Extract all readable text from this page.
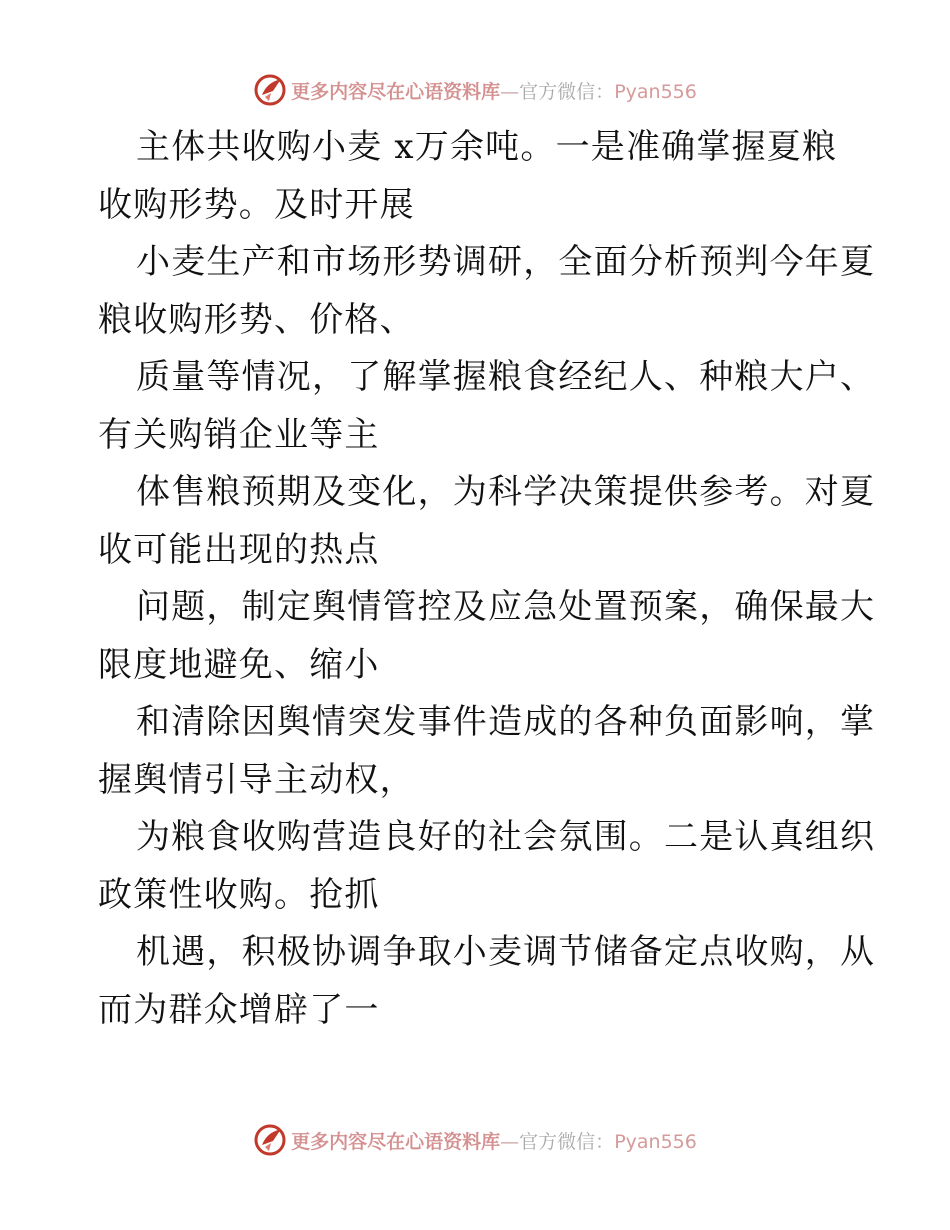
更多内容尽在心语资料库—官方微信：Pyan556

主体共收购小麦 x万余吨。一是准确掌握夏粮
收购形势。及时开展

小麦生产和市场形势调研，全面分析预判今年夏
粮收购形势、价格、

质量等情况，了解掌握粮食经纪人、种粮大户、
有关购销企业等主

体售粮预期及变化，为科学决策提供参考。对夏
收可能出现的热点

问题，制定舆情管控及应急处置预案，确保最大
限度地避免、缩小

和清除因舆情突发事件造成的各种负面影响，掌
握舆情引导主动权，

为粮食收购营造良好的社会氛围。二是认真组织
政策性收购。抢抓

机遇，积极协调争取小麦调节储备定点收购，从
而为群众增辟了一

更多内容尽在心语资料库—官方微信：Pyan556
